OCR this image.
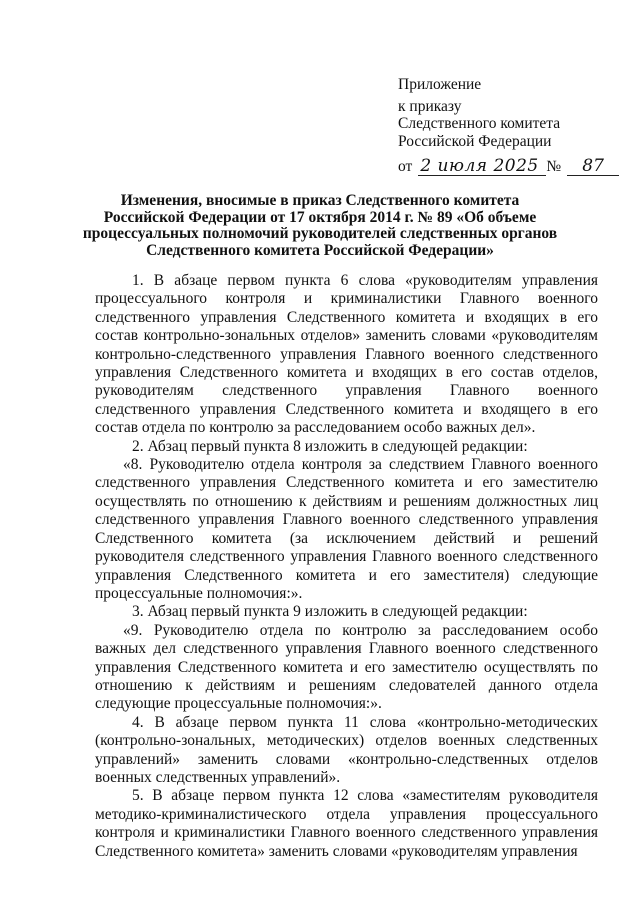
Приложение
к приказу
Следственного комитета
Российской Федерации
от 2 июля 2025 №	87
Изменения, вносимые в приказ Следственного комитета
Российской Федерации от 17 октября 2014 г. № 89 «Об объеме
процессуальных полномочий руководителей следственных органов
Следственного комитета Российской Федерации»

1. В абзаце первом пункта 6 слова «руководителям управления процессуального контроля и криминалистики Главного военного следственного управления Следственного комитета и входящих в его состав контрольно-зональных отделов» заменить словами «руководителям контрольно-следственного управления Главного военного следственного управления Следственного комитета и входящих в его состав отделов, руководителям следственного управления Главного военного следственного управления Следственного комитета и входящего в его состав отдела по контролю за расследованием особо важных дел».

2. Абзац первый пункта 8 изложить в следующей редакции:

«8. Руководителю отдела контроля за следствием Главного военного следственного управления Следственного комитета и его заместителю осуществлять по отношению к действиям и решениям должностных лиц следственного управления Главного военного следственного управления Следственного комитета (за исключением действий и решений руководителя следственного управления Главного военного следственного управления Следственного комитета и его заместителя) следующие процессуальные полномочия:».

3. Абзац первый пункта 9 изложить в следующей редакции:

«9. Руководителю отдела по контролю за расследованием особо важных дел следственного управления Главного военного следственного управления Следственного комитета и его заместителю осуществлять по отношению к действиям и решениям следователей данного отдела следующие процессуальные полномочия:».

4. В абзаце первом пункта 11 слова «контрольно-методических (контрольно-зональных, методических) отделов военных следственных управлений» заменить словами «контрольно-следственных отделов военных следственных управлений».

5. В абзаце первом пункта 12 слова «заместителям руководителя методико-криминалистического отдела управления процессуального контроля и криминалистики Главного военного следственного управления Следственного комитета» заменить словами «руководителям управления
